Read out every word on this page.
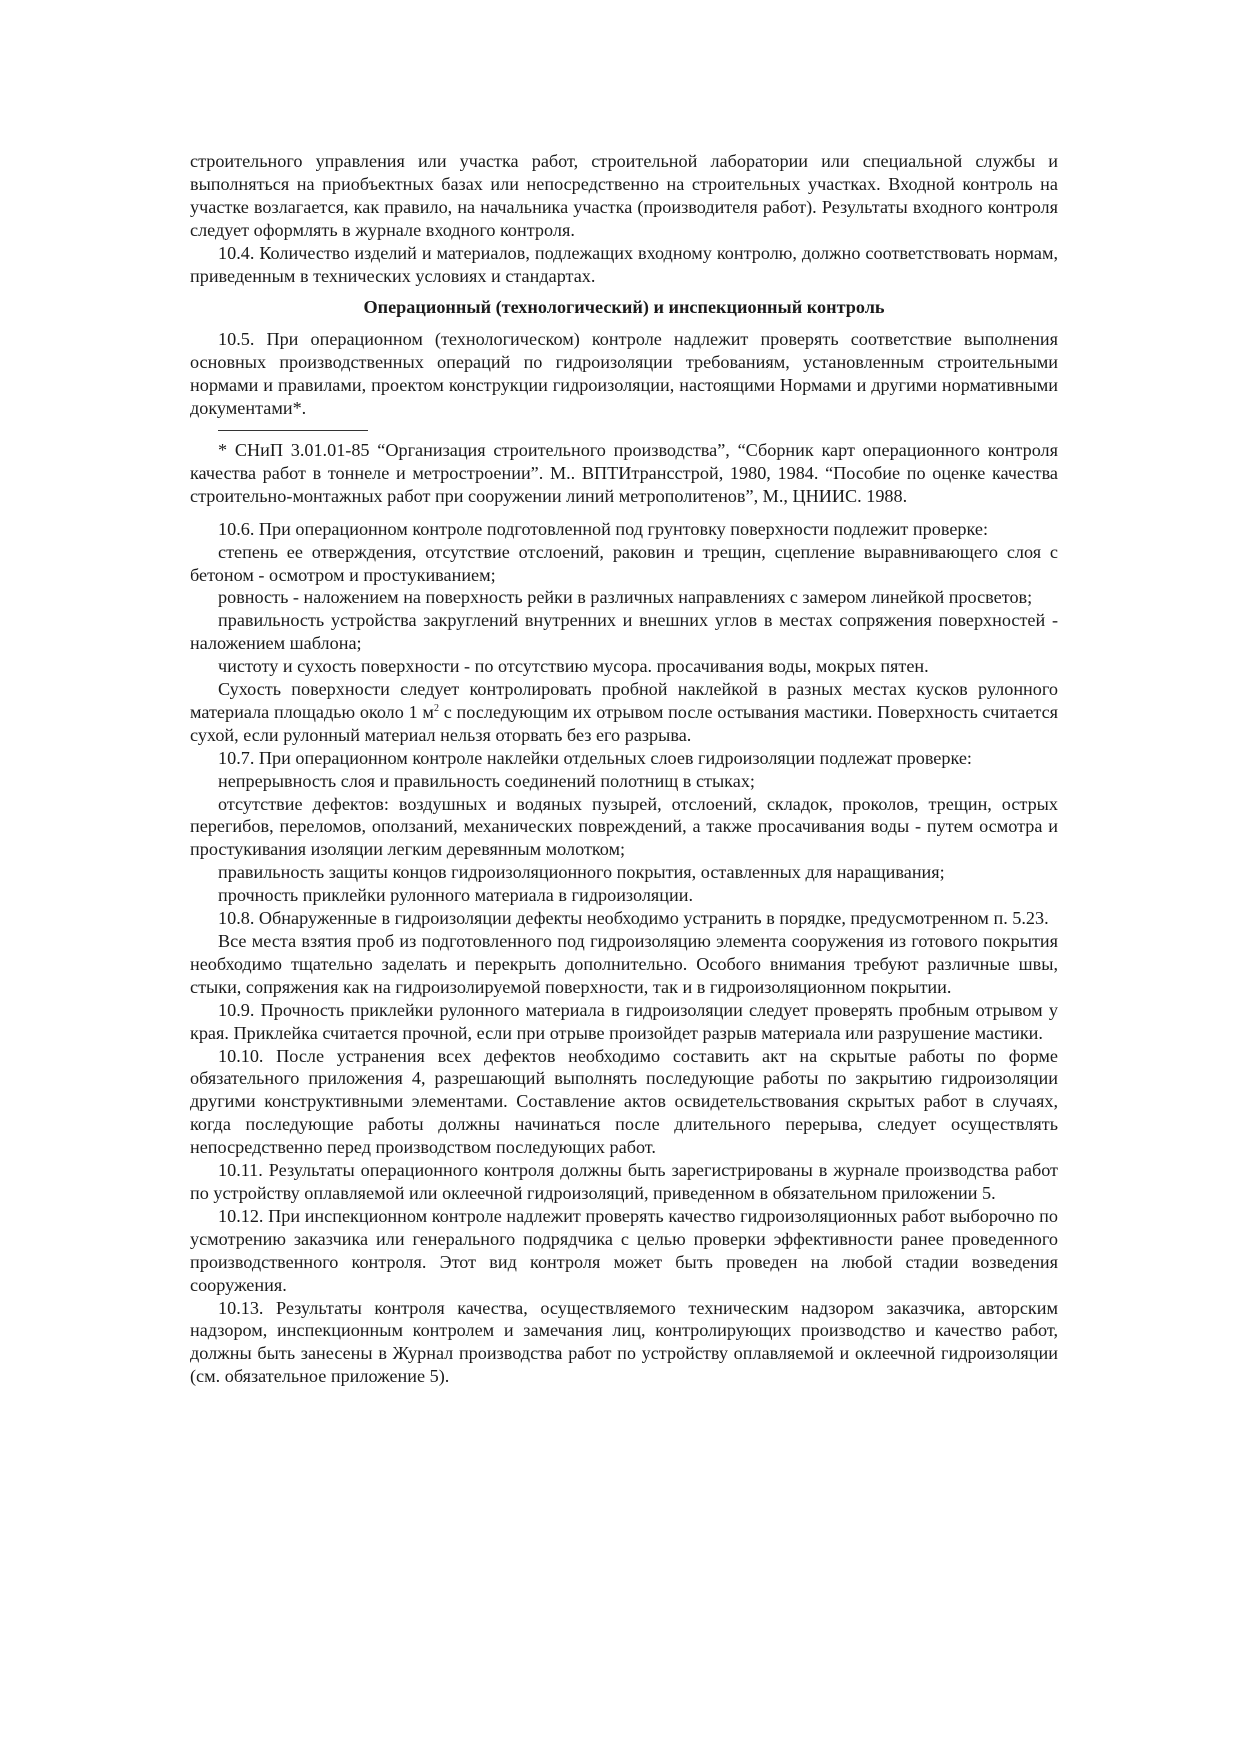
строительного управления или участка работ, строительной лаборатории или специальной службы и выполняться на приобъектных базах или непосредственно на строительных участках. Входной контроль на участке возлагается, как правило, на начальника участка (производителя работ). Результаты входного контроля следует оформлять в журнале входного контроля.

10.4. Количество изделий и материалов, подлежащих входному контролю, должно соответствовать нормам, приведенным в технических условиях и стандартах.

Операционный (технологический) и инспекционный контроль

10.5. При операционном (технологическом) контроле надлежит проверять соответствие выполнения основных производственных операций по гидроизоляции требованиям, установленным строительными нормами и правилами, проектом конструкции гидроизоляции, настоящими Нормами и другими нормативными документами*.

* СНиП 3.01.01-85 “Организация строительного производства”, “Сборник карт операционного контроля качества работ в тоннеле и метростроении”. М.. ВПТИтрансстрой, 1980, 1984. “Пособие по оценке качества строительно-монтажных работ при сооружении линий метрополитенов”, М., ЦНИИС. 1988.

10.6. При операционном контроле подготовленной под грунтовку поверхности подлежит проверке:

степень ее отверждения, отсутствие отслоений, раковин и трещин, сцепление выравнивающего слоя с бетоном - осмотром и простукиванием;

ровность - наложением на поверхность рейки в различных направлениях с замером линейкой просветов;

правильность устройства закруглений внутренних и внешних углов в местах сопряжения поверхностей - наложением шаблона;

чистоту и сухость поверхности - по отсутствию мусора. просачивания воды, мокрых пятен.

Сухость поверхности следует контролировать пробной наклейкой в разных местах кусков рулонного материала площадью около 1 $м^2$ с последующим их отрывом после остывания мастики. Поверхность считается сухой, если рулонный материал нельзя оторвать без его разрыва.

10.7. При операционном контроле наклейки отдельных слоев гидроизоляции подлежат проверке:

непрерывность слоя и правильность соединений полотнищ в стыках;

отсутствие дефектов: воздушных и водяных пузырей, отслоений, складок, проколов, трещин, острых перегибов, переломов, оползаний, механических повреждений, а также просачивания воды - путем осмотра и простукивания изоляции легким деревянным молотком;

правильность защиты концов гидроизоляционного покрытия, оставленных для наращивания;

прочность приклейки рулонного материала в гидроизоляции.

10.8. Обнаруженные в гидроизоляции дефекты необходимо устранить в порядке, предусмотренном п. 5.23.

Все места взятия проб из подготовленного под гидроизоляцию элемента сооружения из готового покрытия необходимо тщательно заделать и перекрыть дополнительно. Особого внимания требуют различные швы, стыки, сопряжения как на гидроизолируемой поверхности, так и в гидроизоляционном покрытии.

10.9. Прочность приклейки рулонного материала в гидроизоляции следует проверять пробным отрывом у края. Приклейка считается прочной, если при отрыве произойдет разрыв материала или разрушение мастики.

10.10. После устранения всех дефектов необходимо составить акт на скрытые работы по форме обязательного приложения 4, разрешающий выполнять последующие работы по закрытию гидроизоляции другими конструктивными элементами. Составление актов освидетельствования скрытых работ в случаях, когда последующие работы должны начинаться после длительного перерыва, следует осуществлять непосредственно перед производством последующих работ.

10.11. Результаты операционного контроля должны быть зарегистрированы в журнале производства работ по устройству оплавляемой или оклеечной гидроизоляций, приведенном в обязательном приложении 5.

10.12. При инспекционном контроле надлежит проверять качество гидроизоляционных работ выборочно по усмотрению заказчика или генерального подрядчика с целью проверки эффективности ранее проведенного производственного контроля. Этот вид контроля может быть проведен на любой стадии возведения сооружения.

10.13. Результаты контроля качества, осуществляемого техническим надзором заказчика, авторским надзором, инспекционным контролем и замечания лиц, контролирующих производство и качество работ, должны быть занесены в Журнал производства работ по устройству оплавляемой и оклеечной гидроизоляции (см. обязательное приложение 5).
